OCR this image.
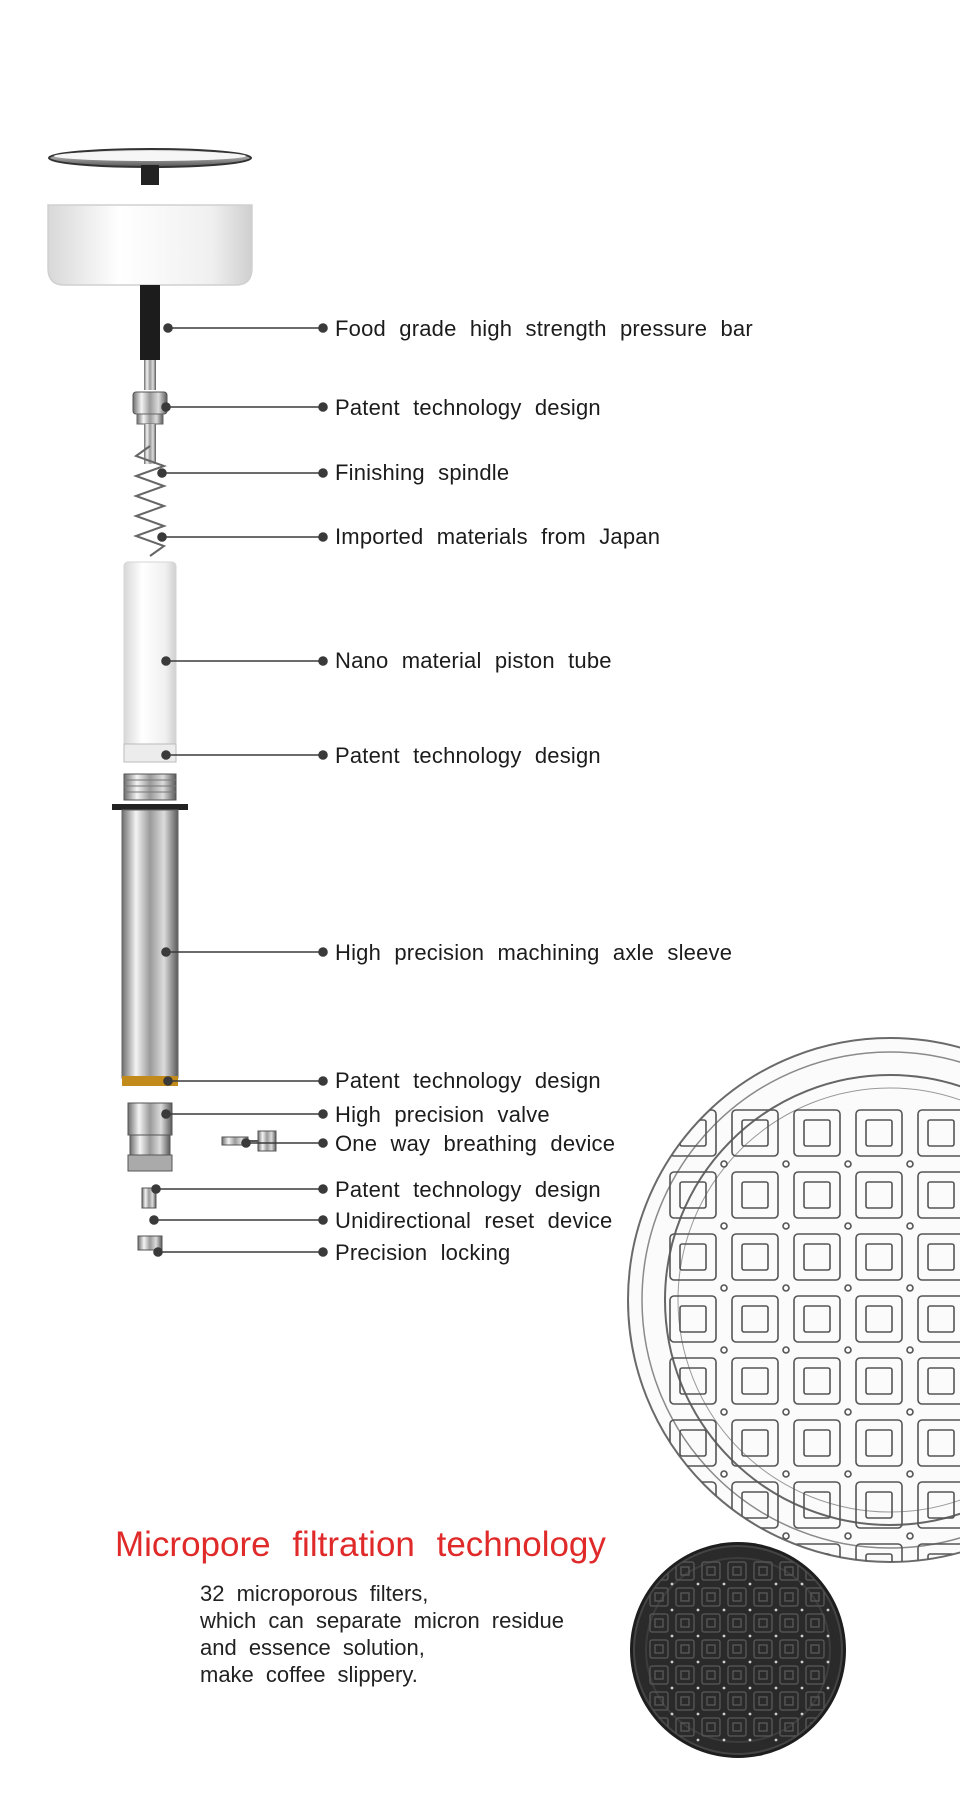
Food grade high strength pressure bar
Patent technology design
Finishing spindle
Imported materials from Japan
Nano material piston tube
Patent technology design
High precision machining axle sleeve
Patent technology design
High precision valve
One way breathing device
Patent technology design
Unidirectional reset device
Precision locking
Micropore filtration technology
32 microporous filters,
which can separate micron residue
and essence solution,
make coffee slippery.
